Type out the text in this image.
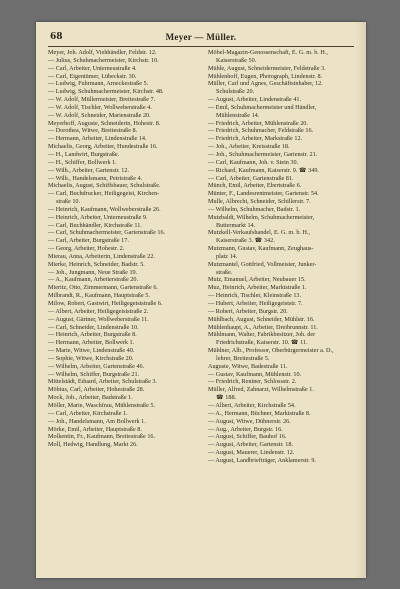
68	Meyer — Müller.
Meyer, Joh. Adolf, Viehhändler, Feldstr. 12.
— Julius, Schuhmachermeister, Kirchstr. 10.
— Carl, Arbeiter, Unterneustraße 4.
— Carl, Eigentümer, Lübeckstr. 30.
— Ludwig, Fuhrmann, Arneckestraße 5.
— Ludwig, Schuhmachermeister, Kirchstr. 48.
— W. Adolf, Müllermeister, Breitestraße 7.
— W. Adolf, Tischler, Wollweberstraße 4.
— W. Adolf, Schneider, Marienstraße 20.
Meyerhoff, Auguste, Schneiderin, Hohestr. 8.
— Dorothea, Witwe, Breitestraße 8.
— Hermann, Arbeiter, Lindenstraße 14.
Michaelis, Georg, Arbeiter, Hundestraße 16.
— H., Landwirt, Burgstraße.
— H., Schiffer, Bollwerk 1.
— Wilh., Arbeiter, Gartenstr. 12.
— Wilh., Handelsmann, Petristraße 4.
Michaelis, August, Schiffsbauer, Schulstraße.
— Carl, Buchdrucker, Heiligegeist, Kirchen-
straße 10.
— Heinrich, Kaufmann, Wollweberstraße 26.
— Heinrich, Arbeiter, Unterneustraße 9.
— Carl, Buchhändler, Kirchstraße 11.
— Carl, Schuhmachermeister, Gartenstraße 16.
— Carl, Arbeiter, Burgstraße 17.
— Georg, Arbeiter, Hohestr. 2.
Mierau, Anna, Arbeiterin, Lindenstraße 22.
Mierke, Heinrich, Schneider, Badstr. 5.
— Joh., Jungmann, Neue Straße 19.
— A., Kaufmann, Arbeiterstraße 20.
Mieritz, Otto, Zimmermann, Gartenstraße 6.
Milbrandt, R., Kaufmann, Hauptstraße 5.
Milow, Robert, Gastwirt, Heiligegeiststraße 6.
— Albert, Arbeiter, Heiligegeiststraße 2.
— August, Gärtner, Wollweberstraße 11.
— Carl, Schneider, Lindenstraße 10.
— Heinrich, Arbeiter, Burgstraße 8.
— Hermann, Arbeiter, Bollwerk 1.
— Marie, Witwe, Lindenstraße 40.
— Sophie, Witwe, Kirchstraße 20.
— Wilhelm, Arbeiter, Gartenstraße 46.
— Wilhelm, Schiffer, Burgstraße 21.
Mittelstädt, Eduard, Arbeiter, Schulstraße 3.
Möbius, Carl, Arbeiter, Hohestraße 28.
Mock, Joh., Arbeiter, Badstraße 1.
Möller, Marie, Waschfrau, Mühlenstraße 5.
— Carl, Arbeiter, Kirchstraße 1.
— Joh., Handelsmann, Am Bollwerk 1.
Mörke, Emil, Arbeiter, Hauptstraße 8.
Molkentin, Fr., Kaufmann, Breitestraße 16.
Moll, Hedwig, Handlung, Markt 26.
Möbel-Magazin-Genossenschaft, E. G. m. b. H.,
Kaiserstraße 50.
Mühle, August, Schneidermeister, Feldstraße 3.
Mühlenhoff, Eugen, Photograph, Lindenstr. 8.
Müller, Carl und Agnes, Geschäftsinhaber, 12.
Schulstraße 20.
— August, Arbeiter, Lindenstraße 41.
— Emil, Schuhmachermeister und Händler,
Mühlenstraße 14.
— Friedrich, Arbeiter, Mühlenstraße 20.
— Friedrich, Schuhmacher, Feldstraße 16.
— Friedrich, Arbeiter, Markstraße 12.
— Joh., Arbeiter, Kreisstraße 18.
— Joh., Schuhmachermeister, Gartenstr. 21.
— Carl, Kaufmann, Joh. v. Stein 30.
— Richard, Kaufmann, Kaiserstr. 9. ☎ 349.
— Carl, Arbeiter, Gartenstraße 81.
Münch, Emil, Arbeiter, Ebertstraße 6.
Münter, F., Landesrentmeister, Gartenstr. 54.
Mulle, Albrecht, Schneider, Schillerstr. 7.
— Wilhelm, Schuhmacher, Badstr. 1.
Mutzbaldt, Wilhelm, Schuhmachermeister,
Buttermarkt 14.
Mutzkell-Verkaufshandel, E. G. m. b. H.,
Kaiserstraße 3. ☎ 342.
Mutzmann, Gustav, Kaufmann, Zeughaus-
platz 14.
Mutzmantel, Gottfried, Vollmeister, Junker-
straße.
Mutz, Emanuel, Arbeiter, Neubauer 15.
Muz, Heinrich, Arbeiter, Marktstraße 1.
— Heinrich, Tischler, Kleinstraße 13.
— Hubert, Arbeiter, Heiligegeiststr. 7.
— Robert, Arbeiter, Burgstr. 20.
Mühlbach, August, Schneider, Mühlstr. 16.
Mühlenhaupt, A., Arbeiter, Dreibrunnstr. 11.
Mühlmann, Walter, Fabrikbesitzer, Joh. der
Friedrichstraße, Kaiserstr. 10. ☎ 11.
Mühlner, Alb., Professor, Oberbürgermeister a. D.,
lehrer, Breitestraße 5.
Auguste, Witwe, Badestraße 11.
— Gustav, Kaufmann, Mühlenstr. 10.
— Friedrich, Rentner, Schlossstr. 2.
Müller, Alfred, Zahnarzt, Wilhelmstraße 1.
☎ 188.
— Albert, Arbeiter, Kirchstraße 54.
— A., Hermann, Büchner, Marktstraße 8.
— August, Witwe, Dühnerstr. 26.
— Aug., Arbeiter, Burgstr. 16.
— August, Schiffer, Bauhof 16.
— August, Arbeiter, Gartenstr. 18.
— August, Mauerer, Lindenstr. 12.
— August, Landbriefträger, Anklamerstr. 9.
